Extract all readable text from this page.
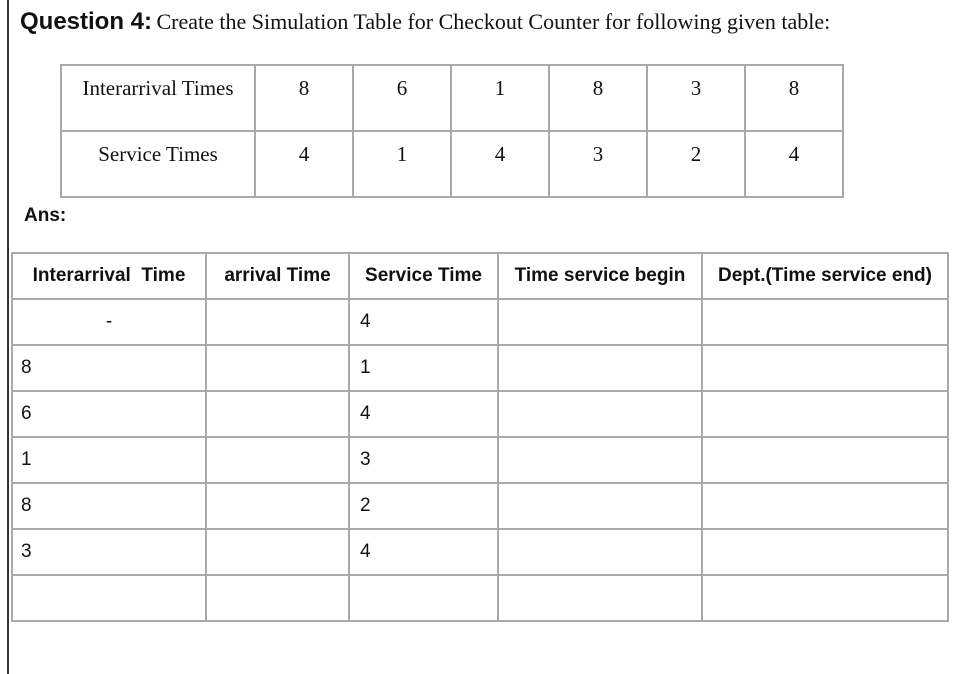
Question 4: Create the Simulation Table for Checkout Counter for following given table:
Interarrival Times	8	6	1	8	3	8
Service Times	4	1	4	3	2	4
Ans:
Interarrival  Time	arrival Time	Service Time	Time service begin	Dept.(Time service end)
-		4		
8		1		
6		4		
1		3		
8		2		
3		4		
